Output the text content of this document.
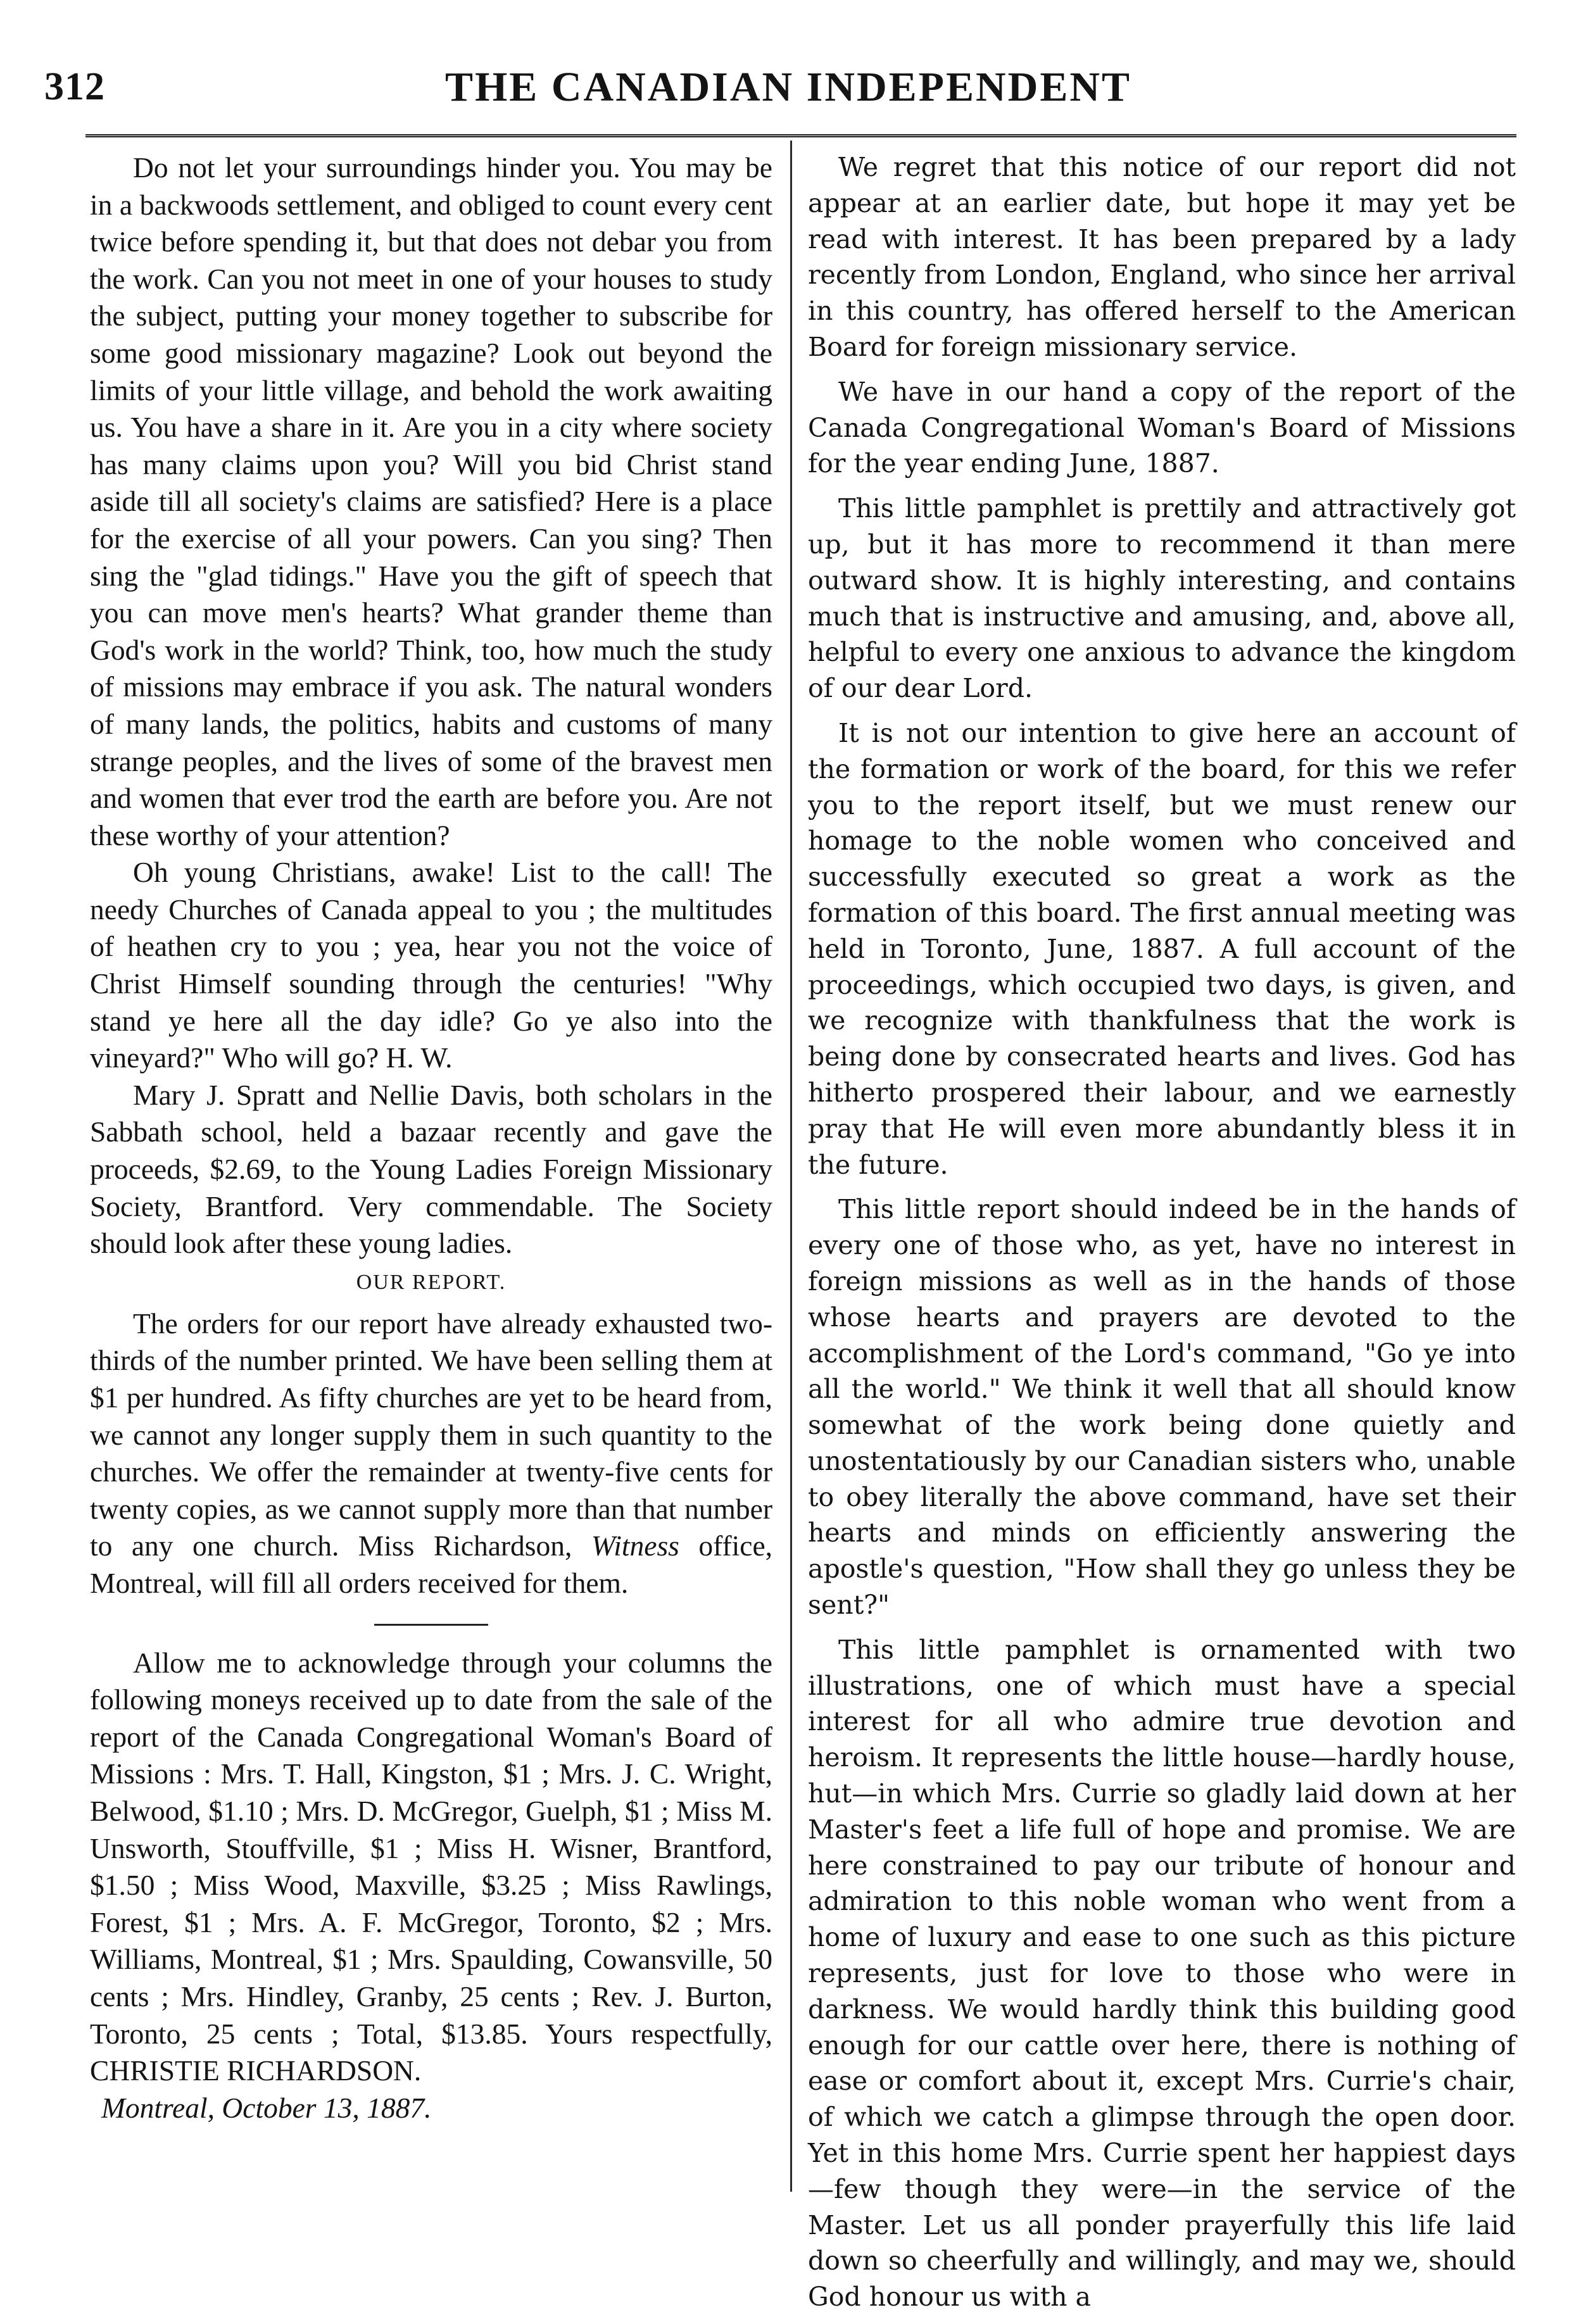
312	THE CANADIAN INDEPENDENT

Do not let your surroundings hinder you. You may be in a backwoods settlement, and obliged to count every cent twice before spending it, but that does not debar you from the work. Can you not meet in one of your houses to study the subject, putting your money together to subscribe for some good missionary magazine? Look out beyond the limits of your little village, and behold the work awaiting us. You have a share in it. Are you in a city where society has many claims upon you? Will you bid Christ stand aside till all society's claims are satisfied? Here is a place for the exercise of all your powers. Can you sing? Then sing the "glad tidings." Have you the gift of speech that you can move men's hearts? What grander theme than God's work in the world? Think, too, how much the study of missions may embrace if you ask. The natural wonders of many lands, the politics, habits and customs of many strange peoples, and the lives of some of the bravest men and women that ever trod the earth are before you. Are not these worthy of your attention?

Oh young Christians, awake! List to the call! The needy Churches of Canada appeal to you ; the multitudes of heathen cry to you ; yea, hear you not the voice of Christ Himself sounding through the centuries! "Why stand ye here all the day idle? Go ye also into the vineyard?" Who will go? H. W.

Mary J. Spratt and Nellie Davis, both scholars in the Sabbath school, held a bazaar recently and gave the proceeds, $2.69, to the Young Ladies Foreign Missionary Society, Brantford. Very commendable. The Society should look after these young ladies.

OUR REPORT.

The orders for our report have already exhausted two-thirds of the number printed. We have been selling them at $1 per hundred. As fifty churches are yet to be heard from, we cannot any longer supply them in such quantity to the churches. We offer the remainder at twenty-five cents for twenty copies, as we cannot supply more than that number to any one church. Miss Richardson, Witness office, Montreal, will fill all orders received for them.

Allow me to acknowledge through your columns the following moneys received up to date from the sale of the report of the Canada Congregational Woman's Board of Missions : Mrs. T. Hall, Kingston, $1 ; Mrs. J. C. Wright, Belwood, $1.10 ; Mrs. D. McGregor, Guelph, $1 ; Miss M. Unsworth, Stouffville, $1 ; Miss H. Wisner, Brantford, $1.50 ; Miss Wood, Maxville, $3.25 ; Miss Rawlings, Forest, $1 ; Mrs. A. F. McGregor, Toronto, $2 ; Mrs. Williams, Montreal, $1 ; Mrs. Spaulding, Cowansville, 50 cents ; Mrs. Hindley, Granby, 25 cents ; Rev. J. Burton, Toronto, 25 cents ; Total, $13.85. Yours respectfully, CHRISTIE RICHARDSON.

Montreal, October 13, 1887.

We regret that this notice of our report did not appear at an earlier date, but hope it may yet be read with interest. It has been prepared by a lady recently from London, England, who since her arrival in this country, has offered herself to the American Board for foreign missionary service.

We have in our hand a copy of the report of the Canada Congregational Woman's Board of Missions for the year ending June, 1887.

This little pamphlet is prettily and attractively got up, but it has more to recommend it than mere outward show. It is highly interesting, and contains much that is instructive and amusing, and, above all, helpful to every one anxious to advance the kingdom of our dear Lord.

It is not our intention to give here an account of the formation or work of the board, for this we refer you to the report itself, but we must renew our homage to the noble women who conceived and successfully executed so great a work as the formation of this board. The first annual meeting was held in Toronto, June, 1887. A full account of the proceedings, which occupied two days, is given, and we recognize with thankfulness that the work is being done by consecrated hearts and lives. God has hitherto prospered their labour, and we earnestly pray that He will even more abundantly bless it in the future.

This little report should indeed be in the hands of every one of those who, as yet, have no interest in foreign missions as well as in the hands of those whose hearts and prayers are devoted to the accomplishment of the Lord's command, "Go ye into all the world." We think it well that all should know somewhat of the work being done quietly and unostentatiously by our Canadian sisters who, unable to obey literally the above command, have set their hearts and minds on efficiently answering the apostle's question, "How shall they go unless they be sent?"

This little pamphlet is ornamented with two illustrations, one of which must have a special interest for all who admire true devotion and heroism. It represents the little house—hardly house, hut—in which Mrs. Currie so gladly laid down at her Master's feet a life full of hope and promise. We are here constrained to pay our tribute of honour and admiration to this noble woman who went from a home of luxury and ease to one such as this picture represents, just for love to those who were in darkness. We would hardly think this building good enough for our cattle over here, there is nothing of ease or comfort about it, except Mrs. Currie's chair, of which we catch a glimpse through the open door. Yet in this home Mrs. Currie spent her happiest days—few though they were—in the service of the Master. Let us all ponder prayerfully this life laid down so cheerfully and willingly, and may we, should God honour us with a
